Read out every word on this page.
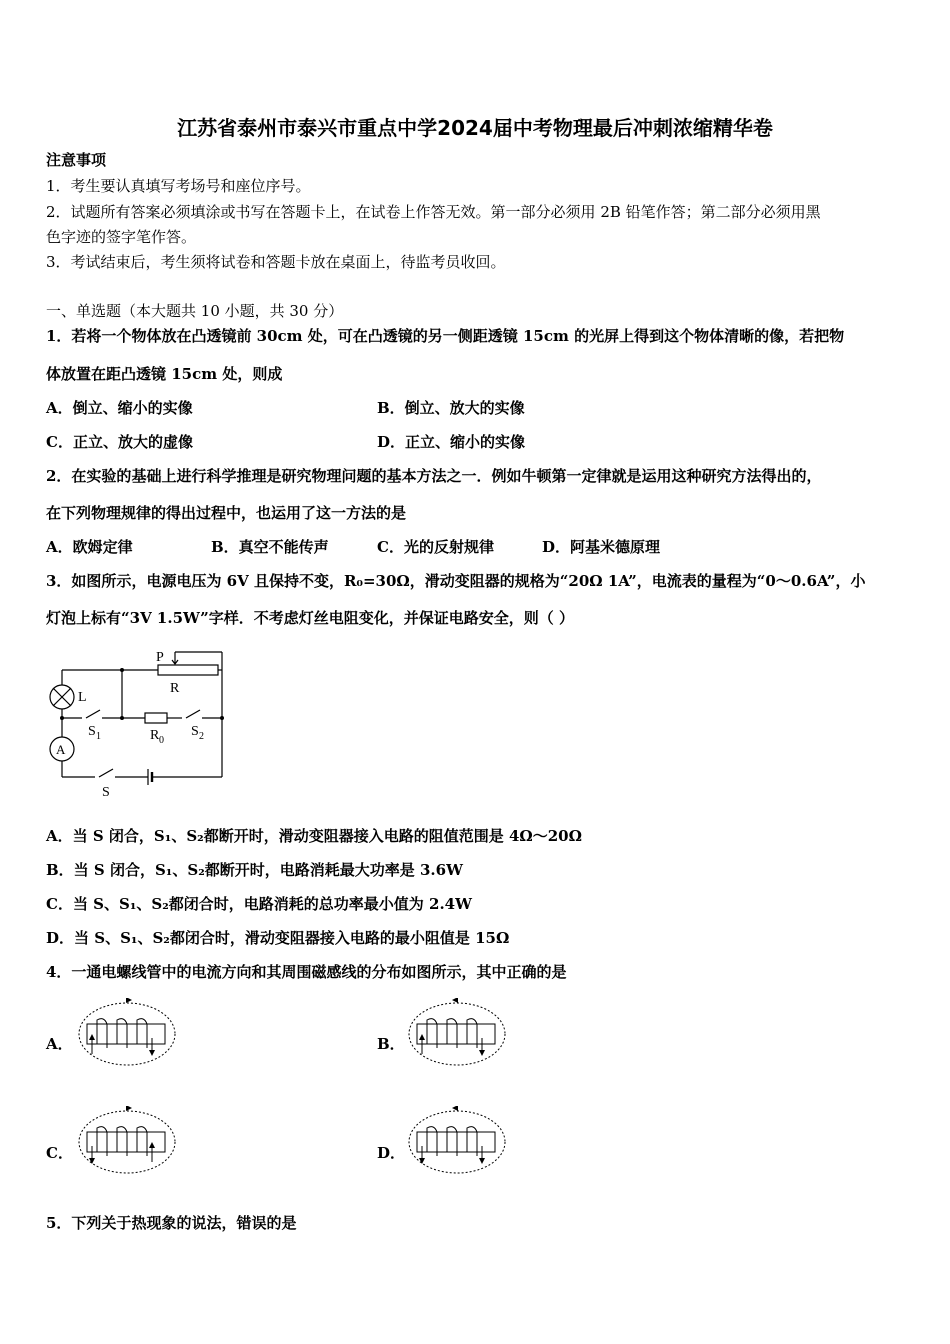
江苏省泰州市泰兴市重点中学2024届中考物理最后冲刺浓缩精华卷
注意事项
1．考生要认真填写考场号和座位序号。
2．试题所有答案必须填涂或书写在答题卡上，在试卷上作答无效。第一部分必须用 2B 铅笔作答；第二部分必须用黑
色字迹的签字笔作答。
3．考试结束后，考生须将试卷和答题卡放在桌面上，待监考员收回。
一、单选题（本大题共 10 小题，共 30 分）
1．若将一个物体放在凸透镜前 30cm 处，可在凸透镜的另一侧距透镜 15cm 的光屏上得到这个物体清晰的像，若把物
体放置在距凸透镜 15cm 处，则成
A．倒立、缩小的实像	B．倒立、放大的实像
C．正立、放大的虚像	D．正立、缩小的实像
2．在实验的基础上进行科学推理是研究物理问题的基本方法之一．例如牛顿第一定律就是运用这种研究方法得出的，
在下列物理规律的得出过程中，也运用了这一方法的是
A．欧姆定律	B．真空不能传声	C．光的反射规律	D．阿基米德原理
3．如图所示，电源电压为 6V 且保持不变，R₀=30Ω，滑动变阻器的规格为“20Ω 1A”，电流表的量程为“0～0.6A”，小
灯泡上标有“3V 1.5W”字样．不考虑灯丝电阻变化，并保证电路安全，则（ ）
P
R
L
A
S 1	R 0
S 2
S
A．当 S 闭合，S₁、S₂都断开时，滑动变阻器接入电路的阻值范围是 4Ω～20Ω
B．当 S 闭合，S₁、S₂都断开时，电路消耗最大功率是 3.6W
C．当 S、S₁、S₂都闭合时，电路消耗的总功率最小值为 2.4W
D．当 S、S₁、S₂都闭合时，滑动变阻器接入电路的最小阻值是 15Ω
4．一通电螺线管中的电流方向和其周围磁感线的分布如图所示，其中正确的是
A．	B．
C．	D．
5．下列关于热现象的说法，错误的是
